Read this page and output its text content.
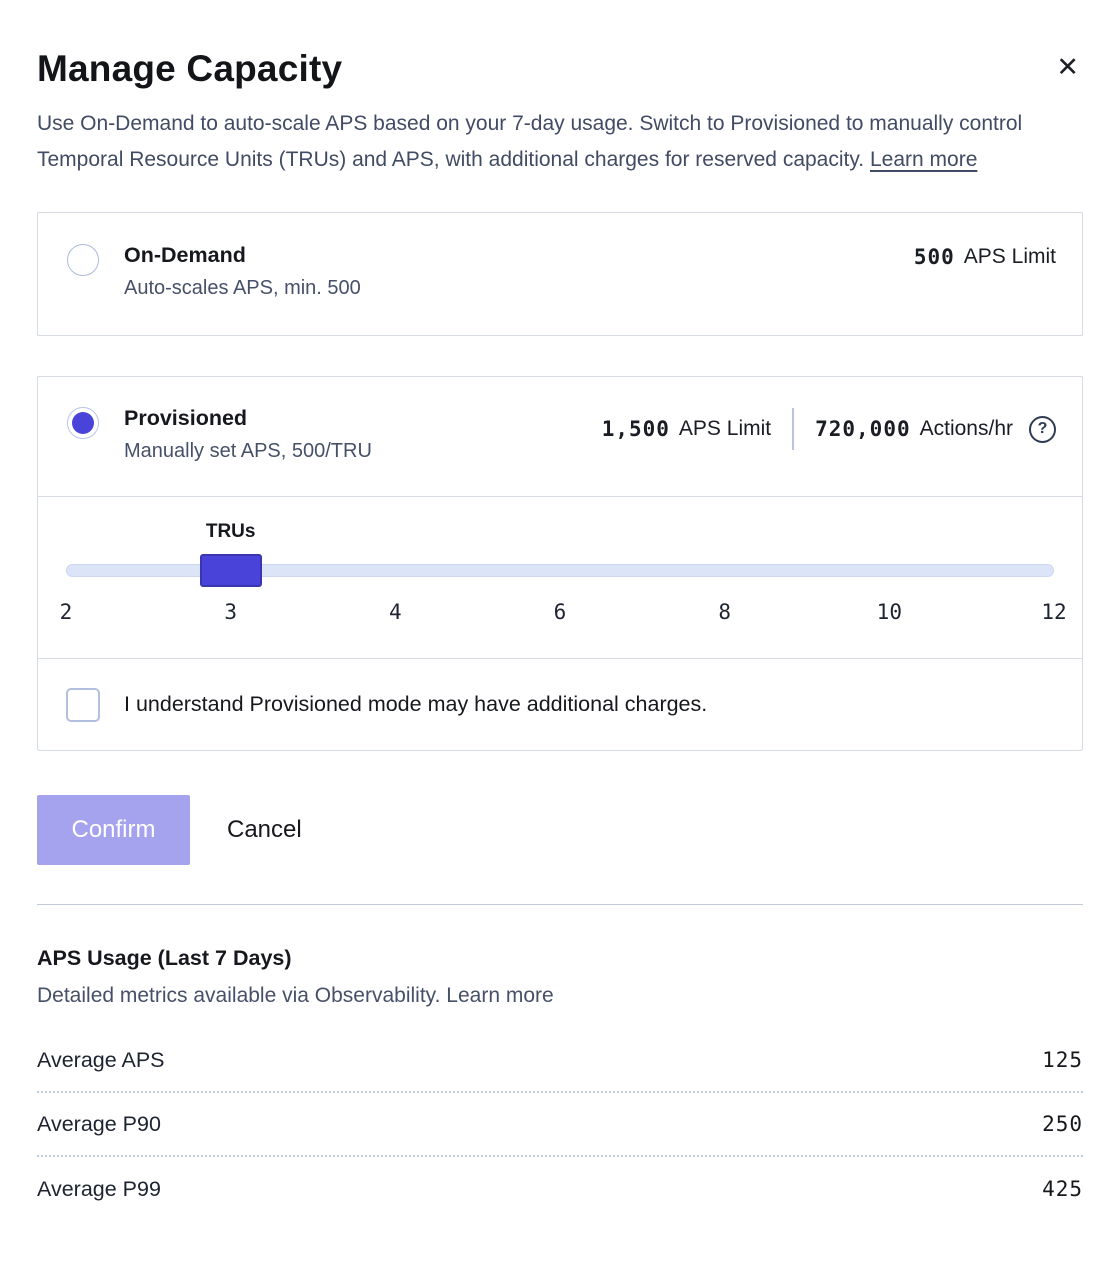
Manage Capacity	✕

Use On-Demand to auto-scale APS based on your 7-day usage. Switch to Provisioned to manually control Temporal Resource Units (TRUs) and APS, with additional charges for reserved capacity. Learn more

On-Demand
Auto-scales APS, min. 500
500 APS Limit
Provisioned
Manually set APS, 500/TRU
1,500 APS Limit 720,000 Actions/hr	?
TRUs
2	3	4	6	8	10	12
I understand Provisioned mode may have additional charges.
Confirm	Cancel
APS Usage (Last 7 Days)
Detailed metrics available via Observability. Learn more
Average APS	125
Average P90	250
Average P99	425
